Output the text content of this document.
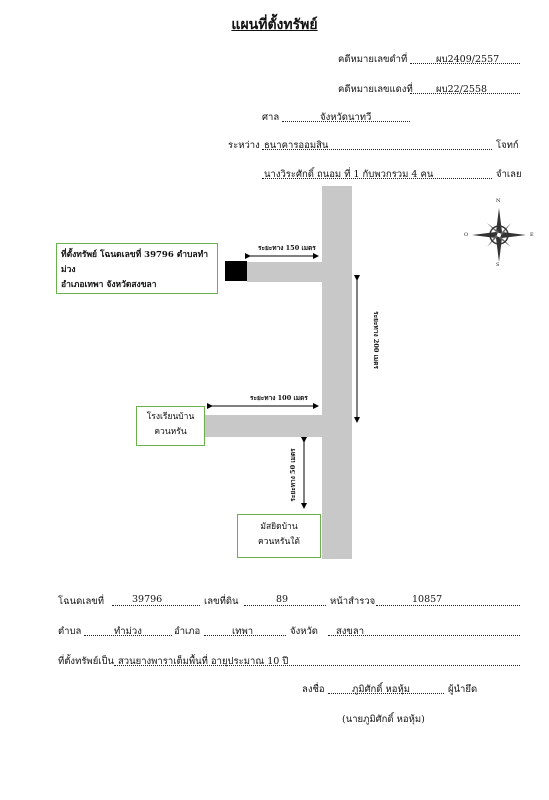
แผนที่ตั้งทรัพย์
คดีหมายเลขดำที่	ผบ2409/2557
คดีหมายเลขแดงที่ ผบ22/2558
ศาล	จังหวัดนาทวี
ระหว่าง ธนาคารออมสิน	โจทก์
นางวิระศักดิ์ ถนอม ที่ 1 กับพวกรวม 4 คน	จำเลย
ที่ตั้งทรัพย์ โฉนดเลขที่ 39796 ตำบลทำม่วง
อำเภอเทพา จังหวัดสงขลา
โรงเรียนบ้าน
ควนหรัน
มัสยิดบ้าน
ควนหรันใต้
ระยะทาง 150 เมตร
ระยะทาง 100 เมตร
ระยะทาง 200 เมตร
ระยะทาง 50 เมตร
N
S
E
O
โฉนดเลขที่	39796	เลขที่ดิน	89	หน้าสำรวจ	10857
ตำบล	ทำม่วง	อำเภอ	เทพา	จังหวัด สงขลา
ที่ตั้งทรัพย์เป็น สวนยางพาราเต็มพื้นที่ อายุประมาณ 10 ปี
ลงชื่อ	ภูมิศักดิ์ หอหุ้ม	ผู้นำยึด
(นายภูมิศักดิ์ หอหุ้ม)
